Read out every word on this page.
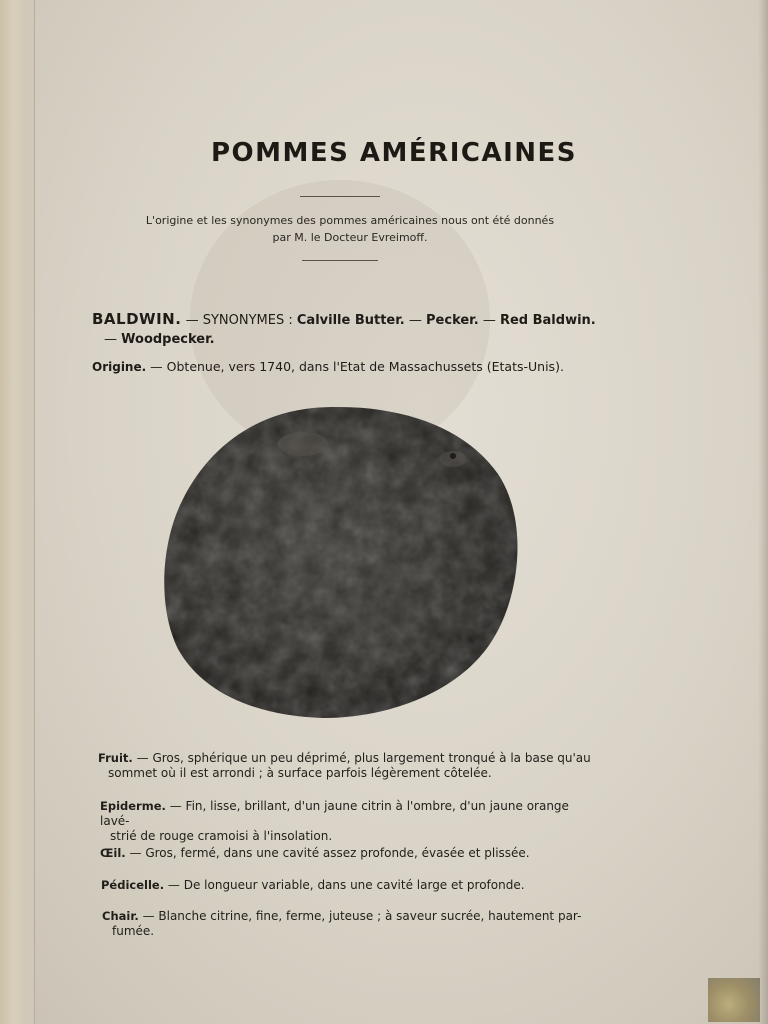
POMMES AMÉRICAINES
L'origine et les synonymes des pommes américaines nous ont été donnés
par M. le Docteur Evreimoff.
BALDWIN. — SYNONYMES : Calville Butter. — Pecker. — Red Baldwin.
— Woodpecker.
Origine. — Obtenue, vers 1740, dans l'Etat de Massachussets (Etats-Unis).
Fruit. — Gros, sphérique un peu déprimé, plus largement tronqué à la base qu'au
sommet où il est arrondi ; à surface parfois légèrement côtelée.
Epiderme. — Fin, lisse, brillant, d'un jaune citrin à l'ombre, d'un jaune orange lavé-
strié de rouge cramoisi à l'insolation.
Œil. — Gros, fermé, dans une cavité assez profonde, évasée et plissée.
Pédicelle. — De longueur variable, dans une cavité large et profonde.
Chair. — Blanche citrine, fine, ferme, juteuse ; à saveur sucrée, hautement par-
fumée.
